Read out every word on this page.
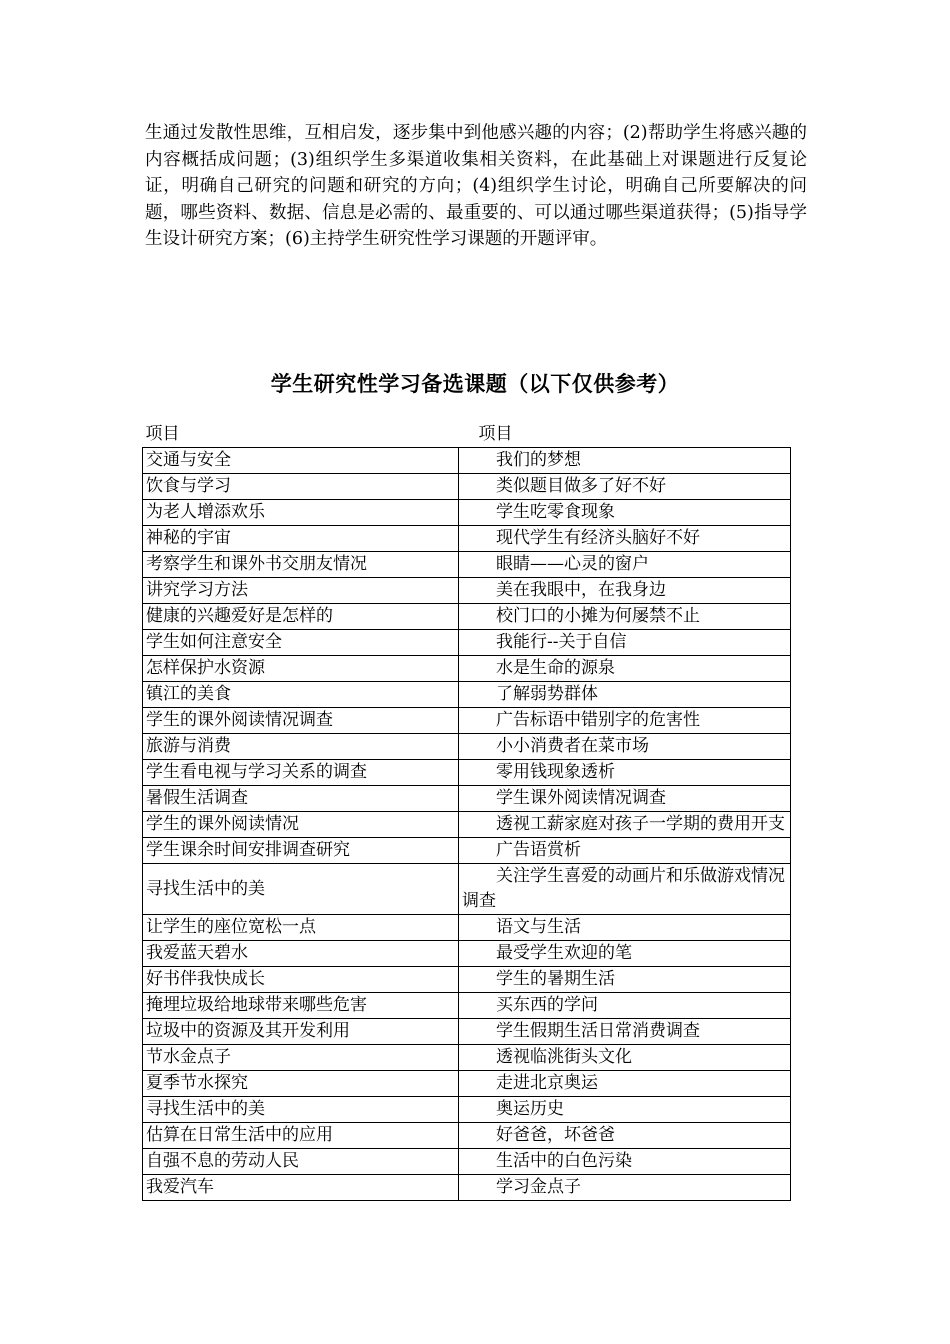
生通过发散性思维，互相启发，逐步集中到他感兴趣的内容；(2)帮助学生将感兴趣的内容概括成问题；(3)组织学生多渠道收集相关资料，在此基础上对课题进行反复论证，明确自己研究的问题和研究的方向；(4)组织学生讨论，明确自己所要解决的问题，哪些资料、数据、信息是必需的、最重要的、可以通过哪些渠道获得；(5)指导学生设计研究方案；(6)主持学生研究性学习课题的开题评审。
学生研究性学习备选课题（以下仅供参考）
项目	项目
交通与安全	我们的梦想
饮食与学习	类似题目做多了好不好
为老人增添欢乐	学生吃零食现象
神秘的宇宙	现代学生有经济头脑好不好
考察学生和课外书交朋友情况	眼睛——心灵的窗户
讲究学习方法	美在我眼中，在我身边
健康的兴趣爱好是怎样的	校门口的小摊为何屡禁不止
学生如何注意安全	我能行--关于自信
怎样保护水资源	水是生命的源泉
镇江的美食	了解弱势群体
学生的课外阅读情况调查	广告标语中错别字的危害性
旅游与消费	小小消费者在菜市场
学生看电视与学习关系的调查	零用钱现象透析
暑假生活调查	学生课外阅读情况调查
学生的课外阅读情况	透视工薪家庭对孩子一学期的费用开支
学生课余时间安排调查研究	广告语赏析
寻找生活中的美	关注学生喜爱的动画片和乐做游戏情况调查
让学生的座位宽松一点	语文与生活
我爱蓝天碧水	最受学生欢迎的笔
好书伴我快成长	学生的暑期生活
掩埋垃圾给地球带来哪些危害	买东西的学问
垃圾中的资源及其开发利用	学生假期生活日常消费调查
节水金点子	透视临洮街头文化
夏季节水探究	走进北京奥运
寻找生活中的美	奥运历史
估算在日常生活中的应用	好爸爸，坏爸爸
自强不息的劳动人民	生活中的白色污染
我爱汽车	学习金点子
